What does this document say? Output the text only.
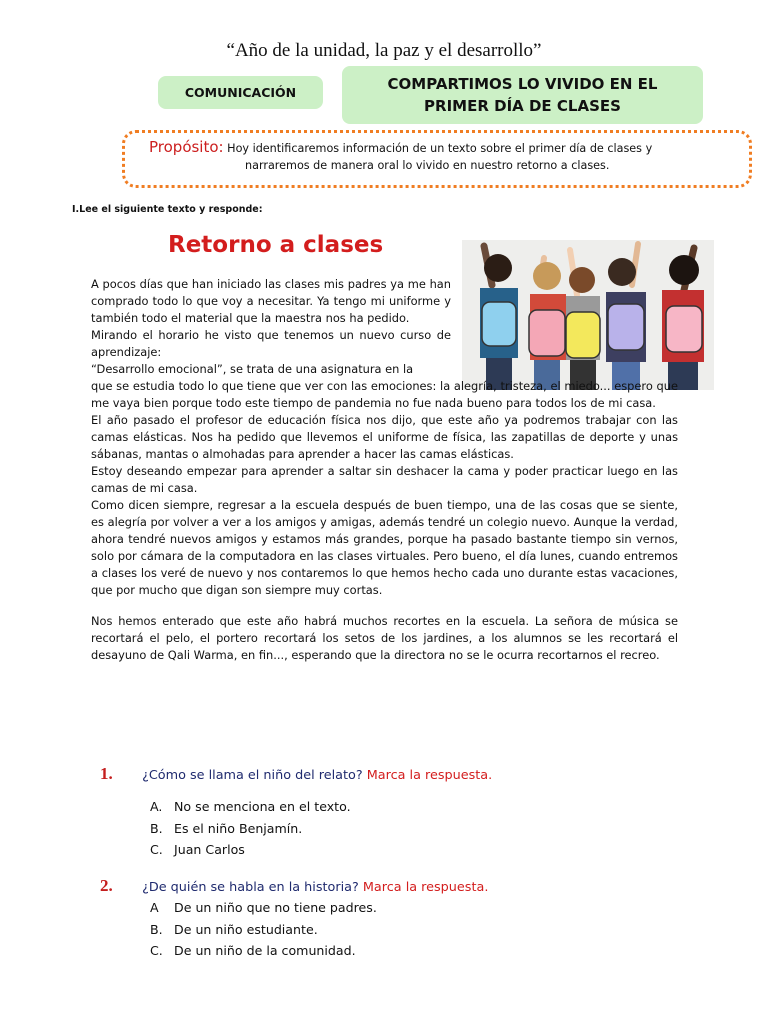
“Año de la unidad, la paz y el desarrollo”
COMUNICACIÓN	COMPARTIMOS LO VIVIDO EN EL
PRIMER DÍA DE CLASES
Propósito: Hoy identificaremos información de un texto sobre el primer día de clases y
narraremos de manera oral lo vivido en nuestro retorno a clases.
I.Lee el siguiente texto y responde:
Retorno a clases

A pocos días que han iniciado las clases mis padres ya me han comprado todo lo que voy a necesitar. Ya tengo mi uniforme y también todo el material que la maestra nos ha pedido.

Mirando el horario he visto que tenemos un nuevo curso de aprendizaje:

“Desarrollo emocional”, se trata de una asignatura en la

que se estudia todo lo que tiene que ver con las emociones: la alegría, tristeza, el miedo... espero que me vaya bien porque todo este tiempo de pandemia no fue nada bueno para todos los de mi casa.

El año pasado el profesor de educación física nos dijo, que este año ya podremos trabajar con las camas elásticas. Nos ha pedido que llevemos el uniforme de física, las zapatillas de deporte y unas sábanas, mantas o almohadas para aprender a hacer las camas elásticas.

Estoy deseando empezar para aprender a saltar sin deshacer la cama y poder practicar luego en las camas de mi casa.

Como dicen siempre, regresar a la escuela después de buen tiempo, una de las cosas que se siente, es alegría por volver a ver a los amigos y amigas, además tendré un colegio nuevo. Aunque la verdad, ahora tendré nuevos amigos y estamos más grandes, porque ha pasado bastante tiempo sin vernos, solo por cámara de la computadora en las clases virtuales. Pero bueno, el día lunes, cuando entremos a clases los veré de nuevo y nos contaremos lo que hemos hecho cada uno durante estas vacaciones, que por mucho que digan son siempre muy cortas.

Nos hemos enterado que este año habrá muchos recortes en la escuela. La señora de música se recortará el pelo, el portero recortará los setos de los jardines, a los alumnos se les recortará el desayuno de Qali Warma, en fin..., esperando que la directora no se le ocurra recortarnos el recreo.

1. ¿Cómo se llama el niño del relato? Marca la respuesta.
A. No se menciona en el texto.
B. Es el niño Benjamín.
C. Juan Carlos
2. ¿De quién se habla en la historia? Marca la respuesta.
A De un niño que no tiene padres.
B. De un niño estudiante.
C. De un niño de la comunidad.
